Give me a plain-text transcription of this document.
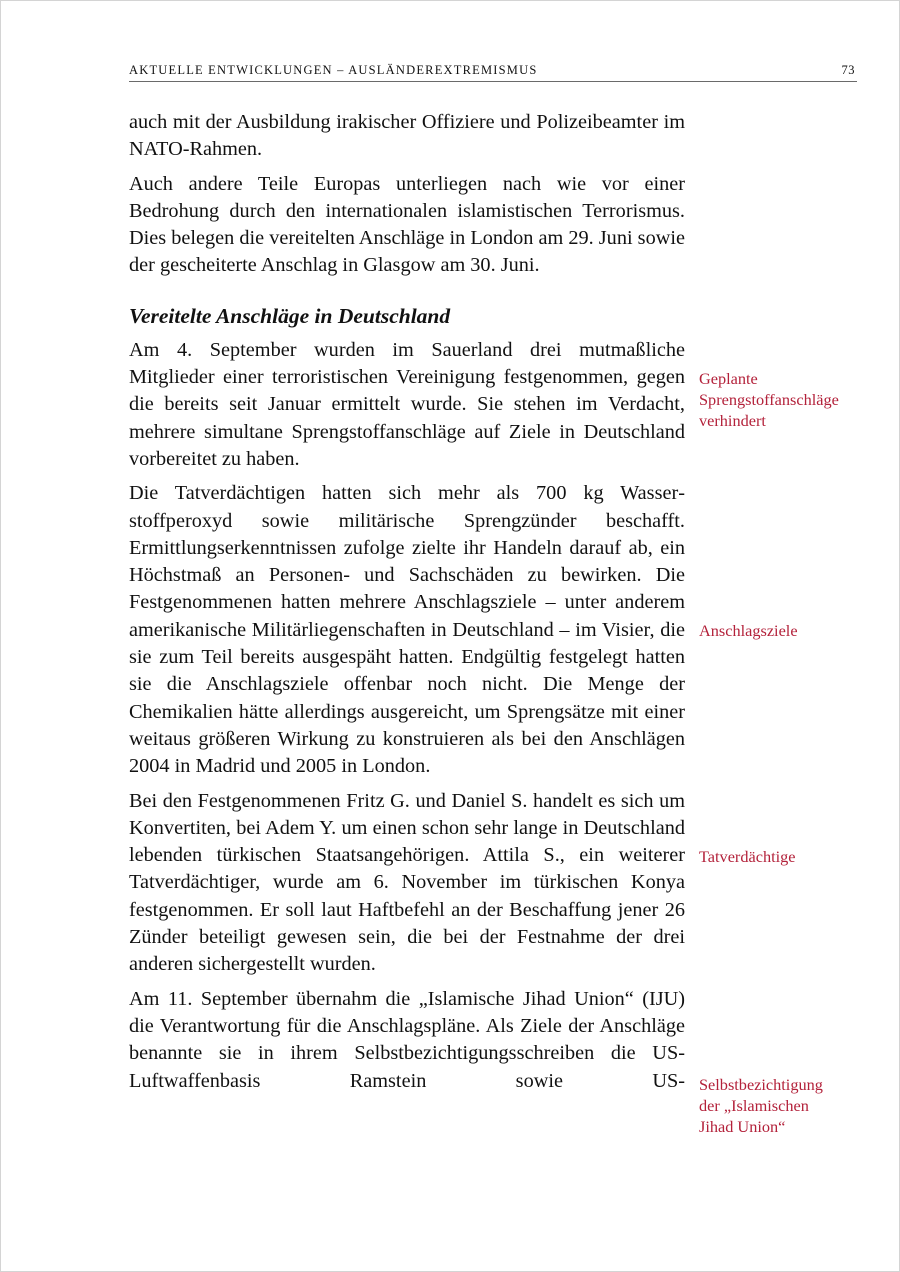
AKTUELLE ENTWICKLUNGEN – AUSLÄNDEREXTREMISMUS	73

auch mit der Ausbildung irakischer Offiziere und Polizeibeamter im NATO-Rahmen.

Auch andere Teile Europas unterliegen nach wie vor einer Bedrohung durch den internationalen islamistischen Terrorismus. Dies belegen die vereitelten Anschläge in London am 29. Juni sowie der gescheiterte Anschlag in Glasgow am 30. Juni.

Vereitelte Anschläge in Deutschland

Am 4. September wurden im Sauerland drei mutmaßliche Mitglieder einer terroristischen Vereinigung festgenommen, gegen die bereits seit Januar ermittelt wurde. Sie stehen im Verdacht, mehrere simultane Sprengstoffanschläge auf Ziele in Deutschland vorbereitet zu haben.

Die Tatverdächtigen hatten sich mehr als 700 kg Wasserstoffperoxyd sowie militärische Sprengzünder beschafft. Ermittlungserkenntnissen zufolge zielte ihr Handeln darauf ab, ein Höchstmaß an Personen- und Sachschäden zu bewirken. Die Festgenommenen hatten mehrere Anschlagsziele – unter anderem amerikanische Militärliegenschaften in Deutschland – im Visier, die sie zum Teil bereits ausgespäht hatten. Endgültig festgelegt hatten sie die Anschlagsziele offenbar noch nicht. Die Menge der Chemikalien hätte allerdings ausgereicht, um Sprengsätze mit einer weitaus größeren Wirkung zu konstruieren als bei den Anschlägen 2004 in Madrid und 2005 in London.

Bei den Festgenommenen Fritz G. und Daniel S. handelt es sich um Konvertiten, bei Adem Y. um einen schon sehr lange in Deutschland lebenden türkischen Staatsangehörigen. Attila S., ein weiterer Tatverdächtiger, wurde am 6. November im türkischen Konya festgenommen. Er soll laut Haftbefehl an der Beschaffung jener 26 Zünder beteiligt gewesen sein, die bei der Festnahme der drei anderen sichergestellt wurden.

Am 11. September übernahm die „Islamische Jihad Union“ (IJU) die Verantwortung für die Anschlagspläne. Als Ziele der Anschläge benannte sie in ihrem Selbstbezichtigungsschreiben die US-Luftwaffenbasis Ramstein sowie US-

Geplante
Sprengstoffanschläge
verhindert
Anschlagsziele
Tatverdächtige
Selbstbezichtigung
der „Islamischen
Jihad Union“
